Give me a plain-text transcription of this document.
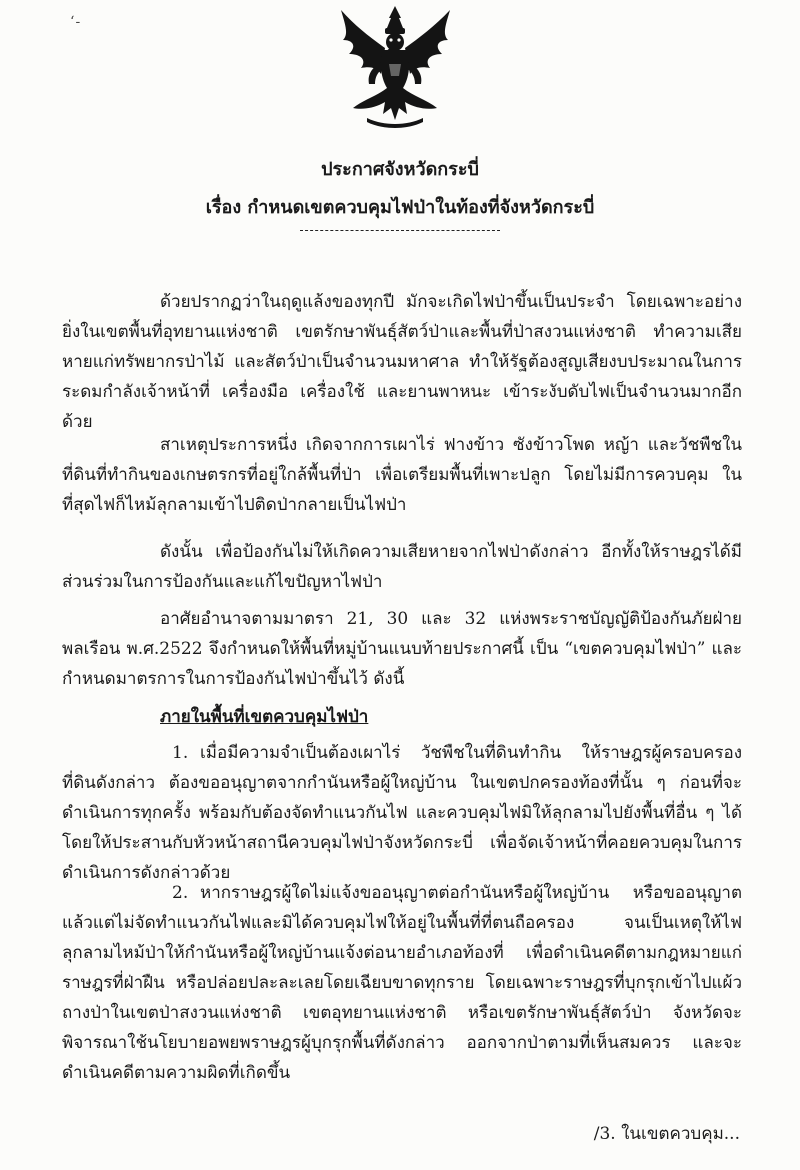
‘-
ประกาศจังหวัดกระบี่
เรื่อง กำหนดเขตควบคุมไฟป่าในท้องที่จังหวัดกระบี่

ด้วยปรากฏว่าในฤดูแล้งของทุกปี มักจะเกิดไฟป่าขึ้นเป็นประจำ โดยเฉพาะอย่างยิ่งในเขตพื้นที่อุทยานแห่งชาติ เขตรักษาพันธุ์สัตว์ป่าและพื้นที่ป่าสงวนแห่งชาติ ทำความเสียหายแก่ทรัพยากรป่าไม้ และสัตว์ป่าเป็นจำนวนมหาศาล ทำให้รัฐต้องสูญเสียงบประมาณในการระดมกำลังเจ้าหน้าที่ เครื่องมือ เครื่องใช้ และยานพาหนะ เข้าระงับดับไฟเป็นจำนวนมากอีกด้วย

สาเหตุประการหนึ่ง เกิดจากการเผาไร่ ฟางข้าว ซังข้าวโพด หญ้า และวัชพืชในที่ดินที่ทำกินของเกษตรกรที่อยู่ใกล้พื้นที่ป่า เพื่อเตรียมพื้นที่เพาะปลูก โดยไม่มีการควบคุม ในที่สุดไฟก็ไหม้ลุกลามเข้าไปติดป่ากลายเป็นไฟป่า

ดังนั้น เพื่อป้องกันไม่ให้เกิดความเสียหายจากไฟป่าดังกล่าว อีกทั้งให้ราษฎรได้มีส่วนร่วมในการป้องกันและแก้ไขปัญหาไฟป่า

อาศัยอำนาจตามมาตรา 21, 30 และ 32 แห่งพระราชบัญญัติป้องกันภัยฝ่ายพลเรือน พ.ศ.2522 จึงกำหนดให้พื้นที่หมู่บ้านแนบท้ายประกาศนี้ เป็น “เขตควบคุมไฟป่า” และกำหนดมาตรการในการป้องกันไฟป่าขึ้นไว้ ดังนี้

ภายในพื้นที่เขตควบคุมไฟป่า

1. เมื่อมีความจำเป็นต้องเผาไร่ วัชพืชในที่ดินทำกิน ให้ราษฎรผู้ครอบครองที่ดินดังกล่าว ต้องขออนุญาตจากกำนันหรือผู้ใหญ่บ้าน ในเขตปกครองท้องที่นั้น ๆ ก่อนที่จะดำเนินการทุกครั้ง พร้อมกับต้องจัดทำแนวกันไฟ และควบคุมไฟมิให้ลุกลามไปยังพื้นที่อื่น ๆ ได้โดยให้ประสานกับหัวหน้าสถานีควบคุมไฟป่าจังหวัดกระบี่ เพื่อจัดเจ้าหน้าที่คอยควบคุมในการดำเนินการดังกล่าวด้วย

2. หากราษฎรผู้ใดไม่แจ้งขออนุญาตต่อกำนันหรือผู้ใหญ่บ้าน หรือขออนุญาตแล้วแต่ไม่จัดทำแนวกันไฟและมิได้ควบคุมไฟให้อยู่ในพื้นที่ที่ตนถือครอง จนเป็นเหตุให้ไฟลุกลามไหม้ป่าให้กำนันหรือผู้ใหญ่บ้านแจ้งต่อนายอำเภอท้องที่ เพื่อดำเนินคดีตามกฎหมายแก่ราษฎรที่ฝ่าฝืน หรือปล่อยปละละเลยโดยเฉียบขาดทุกราย โดยเฉพาะราษฎรที่บุกรุกเข้าไปแผ้วถางป่าในเขตป่าสงวนแห่งชาติ เขตอุทยานแห่งชาติ หรือเขตรักษาพันธุ์สัตว์ป่า จังหวัดจะพิจารณาใช้นโยบายอพยพราษฎรผู้บุกรุกพื้นที่ดังกล่าว ออกจากป่าตามที่เห็นสมควร และจะดำเนินคดีตามความผิดที่เกิดขึ้น

/3. ในเขตควบคุม...
